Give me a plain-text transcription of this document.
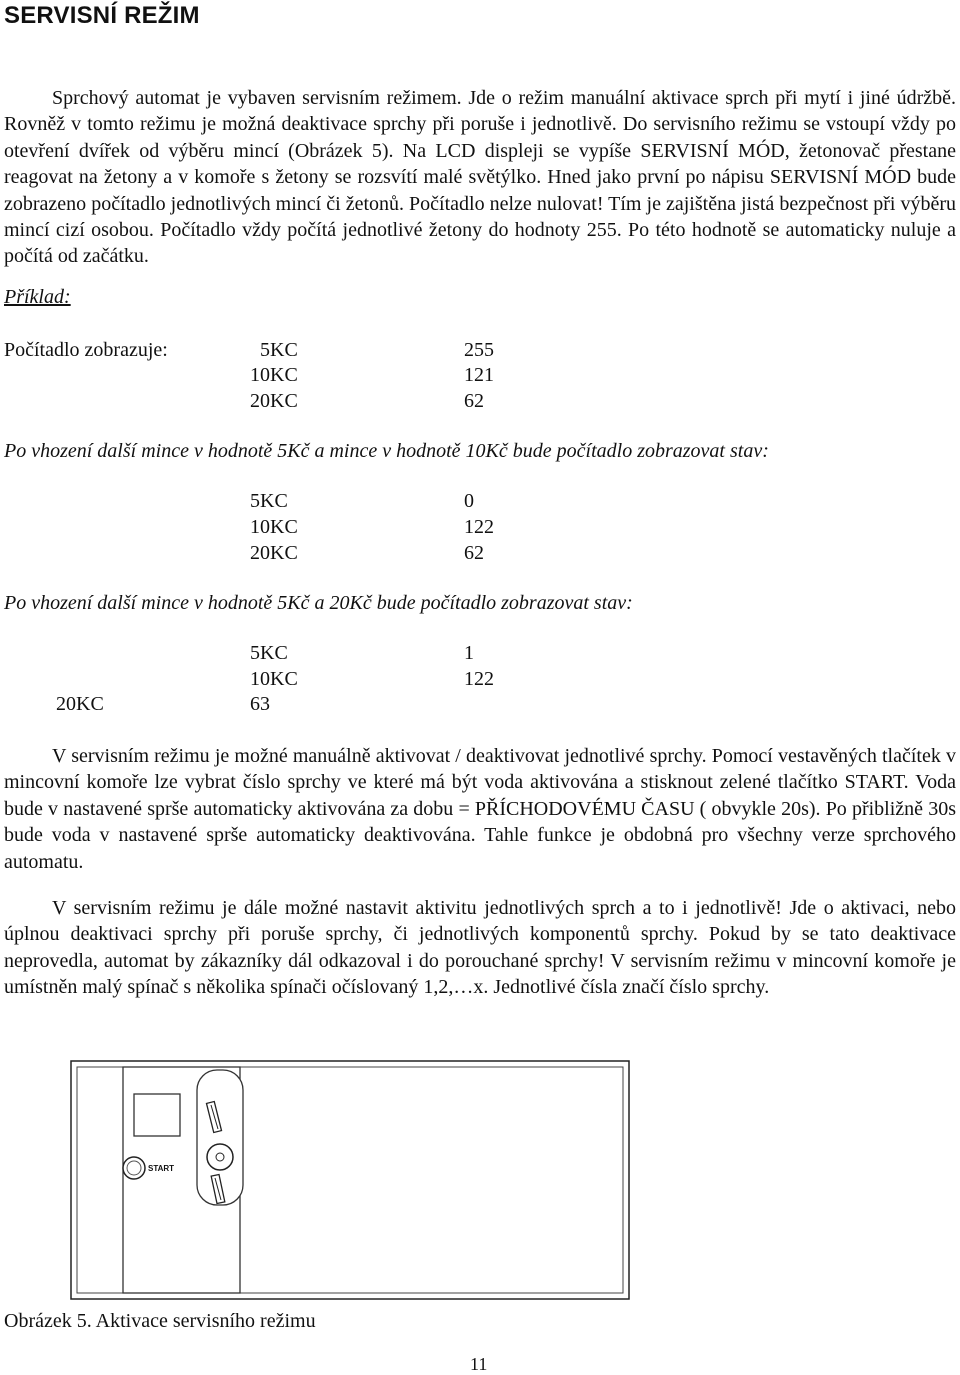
SERVISNÍ REŽIM

Sprchový automat je vybaven servisním režimem. Jde o režim manuální aktivace sprch při mytí i jiné údržbě. Rovněž v tomto režimu je možná deaktivace sprchy při poruše i jednotlivě. Do servisního režimu se vstoupí vždy po otevření dvířek od výběru mincí (Obrázek 5). Na LCD displeji se vypíše SERVISNÍ MÓD, žetonovač přestane reagovat na žetony a v komoře s žetony se rozsvítí malé světýlko. Hned jako první po nápisu SERVISNÍ MÓD bude zobrazeno počítadlo jednotlivých mincí či žetonů. Počítadlo nelze nulovat! Tím je zajištěna jistá bezpečnost při výběru mincí cizí osobou. Počítadlo vždy počítá jednotlivé žetony do hodnoty 255. Po této hodnotě se automaticky nuluje a počítá od začátku.

Příklad:
Počítadlo zobrazuje:	5KC	255
10KC	121
20KC	62
Po vhození další mince v hodnotě 5Kč a mince v hodnotě 10Kč bude počítadlo zobrazovat stav:
5KC	0
10KC	122
20KC	62
Po vhození další mince v hodnotě 5Kč a 20Kč bude počítadlo zobrazovat stav:
5KC	1
10KC	122
20KC	63

V servisním režimu je možné manuálně aktivovat / deaktivovat jednotlivé sprchy. Pomocí vestavěných tlačítek v mincovní komoře lze vybrat číslo sprchy ve které má být voda aktivována a stisknout zelené tlačítko START. Voda bude v nastavené sprše automaticky aktivována za dobu = PŘÍCHODOVÉMU ČASU ( obvykle 20s). Po přibližně 30s bude voda v nastavené sprše automaticky deaktivována. Tahle funkce je obdobná pro všechny verze sprchového automatu.

V servisním režimu je dále možné nastavit aktivitu jednotlivých sprch a to i jednotlivě! Jde o aktivaci, nebo úplnou deaktivaci sprchy při poruše sprchy, či jednotlivých komponentů sprchy. Pokud by se tato deaktivace neprovedla, automat by zákazníky dál odkazoval i do porouchané sprchy! V servisním režimu v mincovní komoře je umístněn malý spínač s několika spínači očíslovaný 1,2,…x. Jednotlivé čísla značí číslo sprchy.

START
Obrázek 5. Aktivace servisního režimu
11
